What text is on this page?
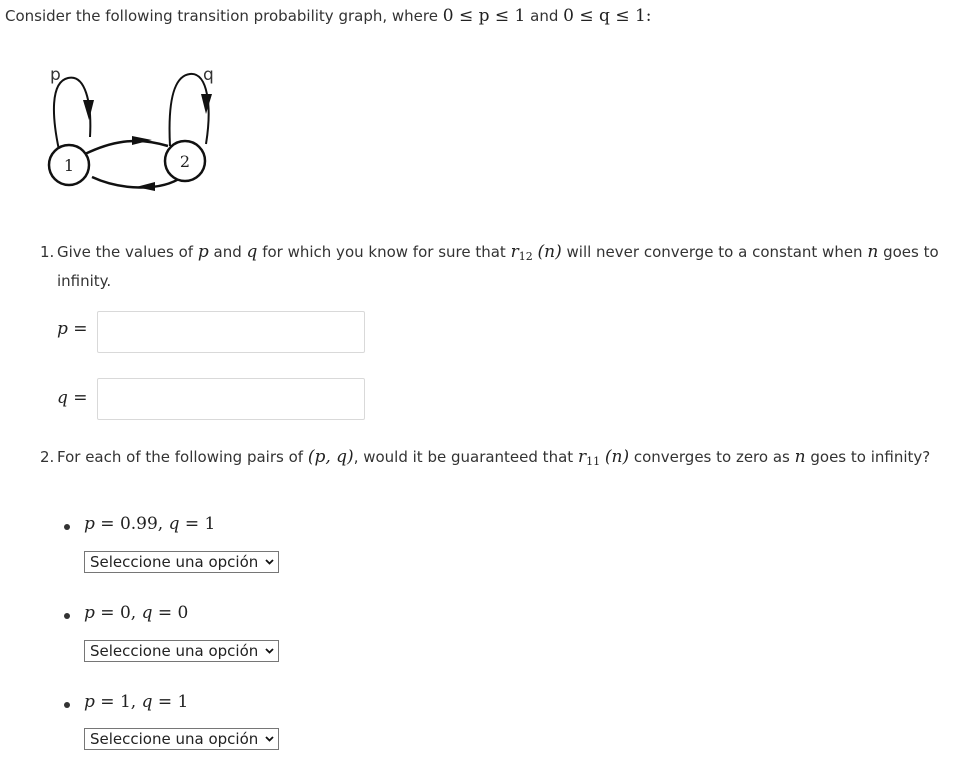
Consider the following transition probability graph, where 0 ≤ p ≤ 1 and 0 ≤ q ≤ 1:
1	2
p	q
1. Give the values of p and q for which you know for sure that $r_{12}$ (n) will never converge to a constant when n goes to infinity.
p =
q =
2. For each of the following pairs of (p, q), would it be guaranteed that $r_{11}$ (n) converges to zero as n goes to infinity?
p = 0.99, q = 1
Seleccione una opción
p = 0, q = 0
Seleccione una opción
p = 1, q = 1
Seleccione una opción
